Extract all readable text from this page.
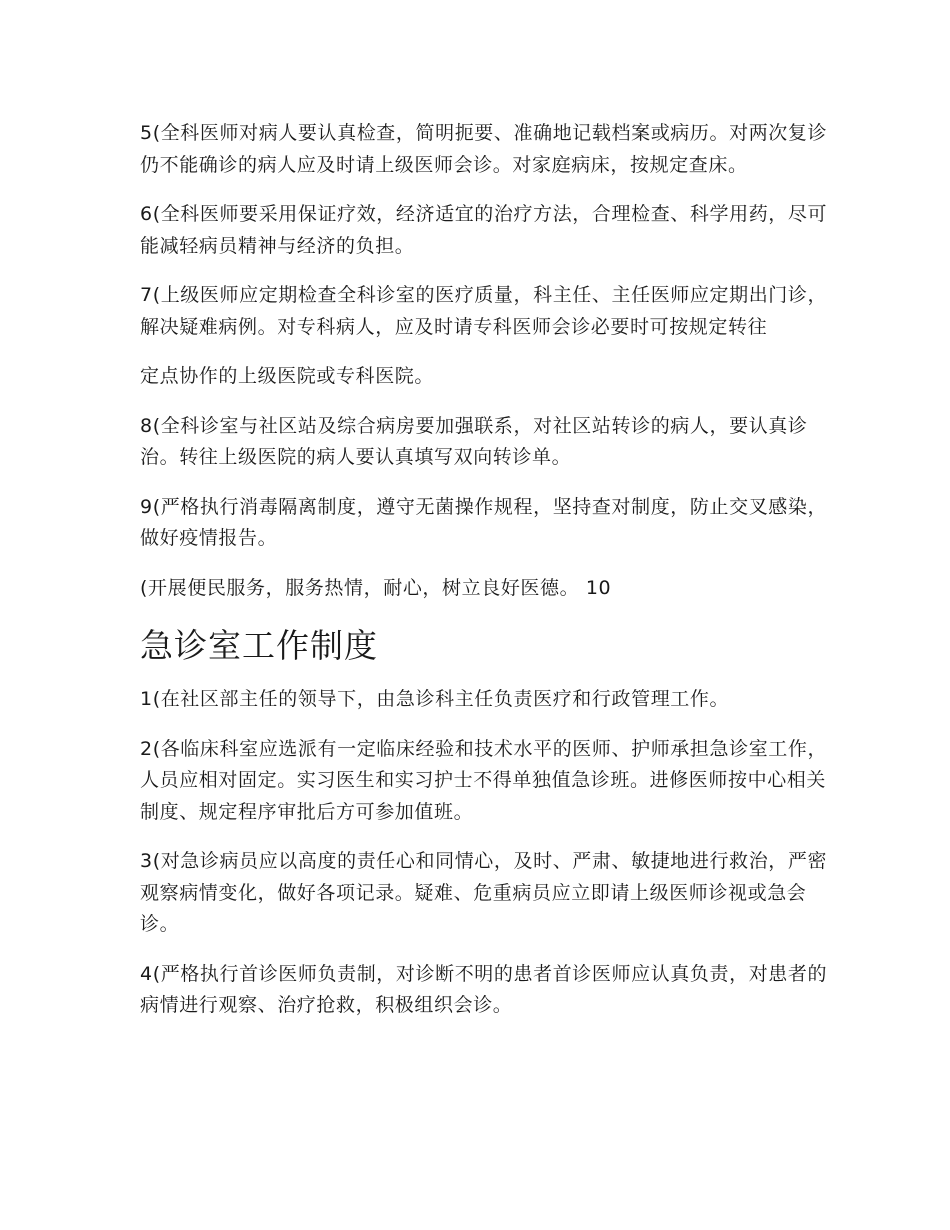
5(全科医师对病人要认真检查，简明扼要、准确地记载档案或病历。对两次复诊仍不能确诊的病人应及时请上级医师会诊。对家庭病床，按规定查床。

6(全科医师要采用保证疗效，经济适宜的治疗方法，合理检查、科学用药，尽可能减轻病员精神与经济的负担。

7(上级医师应定期检查全科诊室的医疗质量，科主任、主任医师应定期出门诊，解决疑难病例。对专科病人，应及时请专科医师会诊必要时可按规定转往

定点协作的上级医院或专科医院。

8(全科诊室与社区站及综合病房要加强联系，对社区站转诊的病人，要认真诊治。转往上级医院的病人要认真填写双向转诊单。

9(严格执行消毒隔离制度，遵守无菌操作规程，坚持查对制度，防止交叉感染，做好疫情报告。

(开展便民服务，服务热情，耐心，树立良好医德。 10

急诊室工作制度

1(在社区部主任的领导下，由急诊科主任负责医疗和行政管理工作。

2(各临床科室应选派有一定临床经验和技术水平的医师、护师承担急诊室工作，人员应相对固定。实习医生和实习护士不得单独值急诊班。进修医师按中心相关制度、规定程序审批后方可参加值班。

3(对急诊病员应以高度的责任心和同情心，及时、严肃、敏捷地进行救治，严密观察病情变化，做好各项记录。疑难、危重病员应立即请上级医师诊视或急会诊。

4(严格执行首诊医师负责制，对诊断不明的患者首诊医师应认真负责，对患者的病情进行观察、治疗抢救，积极组织会诊。
